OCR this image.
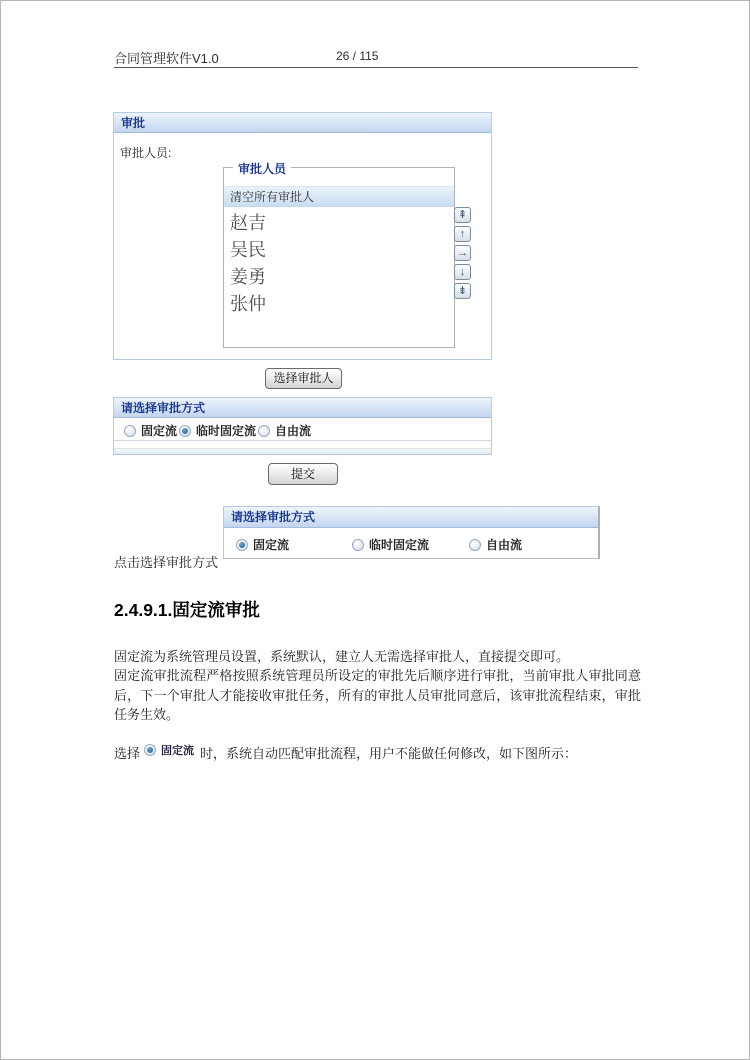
合同管理软件V1.0	26 / 115
审批
审批人员:
审批人员
清空所有审批人
赵吉
吴民
姜勇
张仲
⇞
↑
→
↓
⇟
选择审批人
请选择审批方式
固定流 临时固定流 自由流
提交
请选择审批方式
固定流	临时固定流	自由流
点击选择审批方式
2.4.9.1.固定流审批

固定流为系统管理员设置，系统默认，建立人无需选择审批人，直接提交即可。

固定流审批流程严格按照系统管理员所设定的审批先后顺序进行审批，当前审批人审批同意后，下一个审批人才能接收审批任务，所有的审批人员审批同意后，该审批流程结束，审批任务生效。

选择 固定流 时，系统自动匹配审批流程，用户不能做任何修改，如下图所示：
